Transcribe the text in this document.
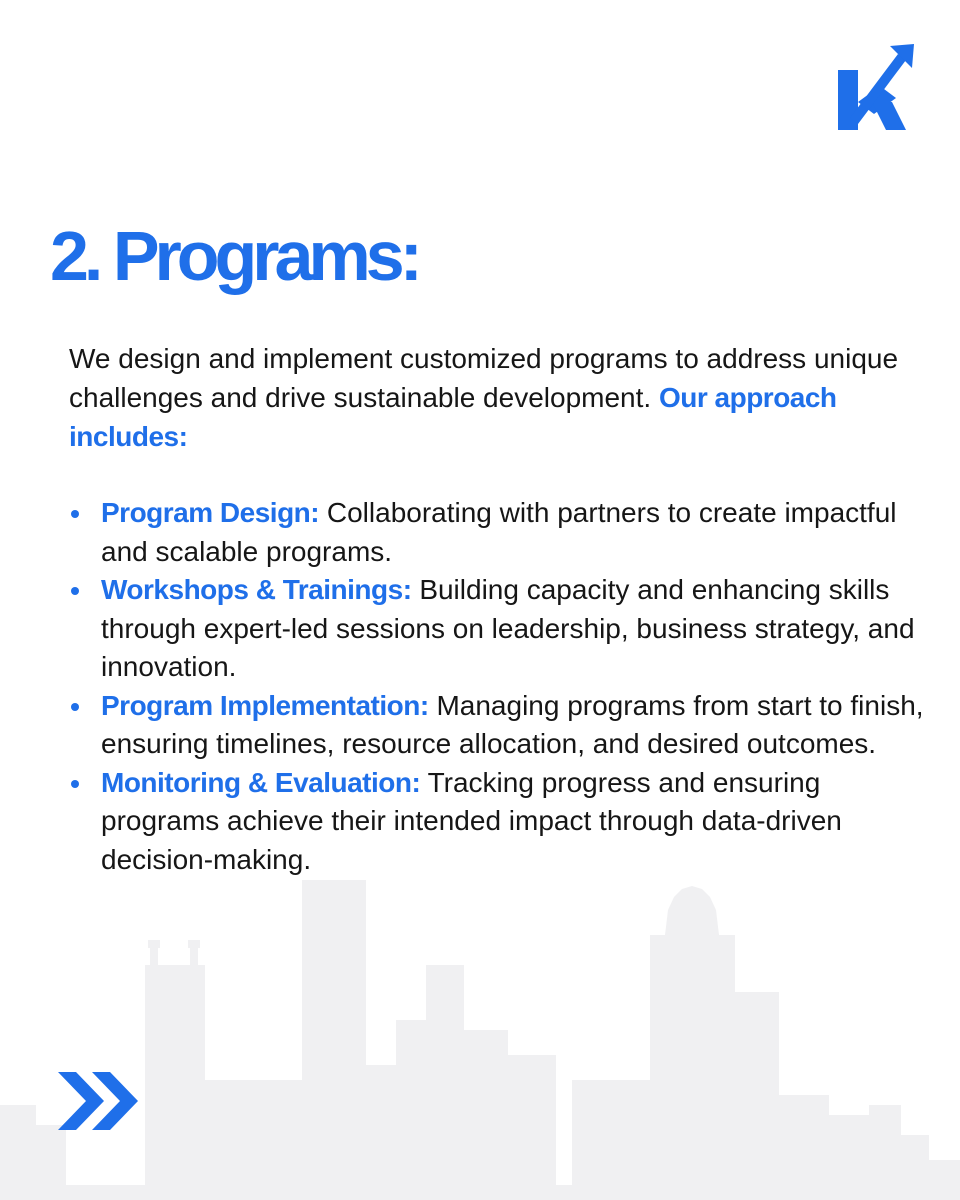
2. Programs:

We design and implement customized programs to address unique challenges and drive sustainable development. Our approach includes:

Program Design: Collaborating with partners to create impactful and scalable programs.
Workshops & Trainings: Building capacity and enhancing skills through expert-led sessions on leadership, business strategy, and innovation.
Program Implementation: Managing programs from start to finish, ensuring timelines, resource allocation, and desired outcomes.
Monitoring & Evaluation: Tracking progress and ensuring programs achieve their intended impact through data-driven decision-making.
